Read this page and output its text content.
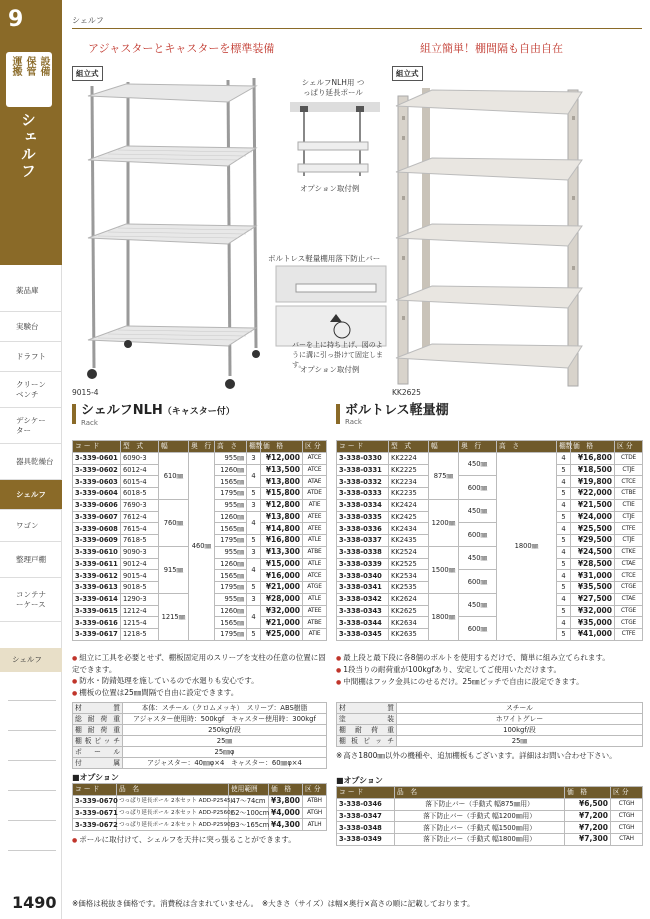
9
運搬
保管
設備
シェルフ
薬品庫
実験台
ドラフト
クリーンベンチ
デシケーター
器具乾燥台
シェルフ
ワゴン
整理戸棚
コンテナーケース
シェルフ
1490
シェルフ
アジャスターとキャスターを標準装備	組立簡単！棚間隔も自由自在
組立式	組立式
9015-4
シェルフNLH用 つっぱり延長ポール
オプション取付例
ボルトレス軽量棚用落下防止バー
バーを上に持ち上げ、図のように溝に引っ掛けて固定します。
オプション取付例
KK2625
シェルフNLH（キャスター付）
Rack
コ ー ド	型　式	幅	奥　行	高　さ	棚数	価　格	区 分
3-339-0601	6090-3	610㎜	460㎜	955㎜	3	¥12,000	ATCE
3-339-0602	6012-4			1260㎜	4	¥13,500	ATCE
3-339-0603	6015-4			1565㎜		¥13,800	ATAE
3-339-0604	6018-5			1795㎜	5	¥15,800	ATDE
3-339-0606	7690-3	760㎜		955㎜	3	¥12,800	ATIE
3-339-0607	7612-4			1260㎜	4	¥13,800	ATEE
3-339-0608	7615-4			1565㎜		¥14,800	ATEE
3-339-0609	7618-5			1795㎜	5	¥16,800	ATLE
3-339-0610	9090-3	915㎜		955㎜	3	¥13,300	ATBE
3-339-0611	9012-4			1260㎜	4	¥15,000	ATLE
3-339-0612	9015-4			1565㎜		¥16,000	ATCE
3-339-0613	9018-5			1795㎜	5	¥21,000	ATGE
3-339-0614	1290-3	1215㎜		955㎜	3	¥28,000	ATLE
3-339-0615	1212-4			1260㎜	4	¥32,000	ATEE
3-339-0616	1215-4			1565㎜		¥21,000	ATBE
3-339-0617	1218-5			1795㎜	5	¥25,000	ATIE
● 組立に工具を必要とせず、棚板固定用のスリーブを支柱の任意の位置に固定できます。
● 防水・防錆処理を施しているので水廻りも安心です。
● 棚板の位置は25㎜間隔で自由に設定できます。
材　質	本体：スチール（クロムメッキ）　スリーブ：ABS樹脂
総耐荷重	アジャスター使用時：500kgf　キャスター使用時：300kgf
棚耐荷重	250kgf/段
棚板ピッチ	25㎜
ポール	25㎜φ
付　属	アジャスター：40㎜φ×4　キャスター：60㎜φ×4
■オプション
コ ー ド	品　名	使用範囲	価　格	区 分
3-339-0670	つっぱり延長ポール 2本セット ADD-P2545J	47〜74cm	¥3,800	ATBH
3-339-0671	つっぱり延長ポール 2本セット ADD-P2560J	62〜100cm	¥4,000	ATGH
3-339-0672	つっぱり延長ポール 2本セット ADD-P2590J	93〜165cm	¥4,300	ATLH
● ポールに取付けて、シェルフを天井に突っ張ることができます。
ボルトレス軽量棚
Rack
コ ー ド	型　式	幅	奥　行	高　さ	棚数	価　格	区 分
3-338-0330	KK2224	875㎜	450㎜	1800㎜	4	¥16,800	CTDE
3-338-0331	KK2225				5	¥18,500	CTJE
3-338-0332	KK2234		600㎜		4	¥19,800	CTCE
3-338-0333	KK2235				5	¥22,000	CTBE
3-338-0334	KK2424	1200㎜	450㎜		4	¥21,500	CTIE
3-338-0335	KK2425				5	¥24,000	CTJE
3-338-0336	KK2434		600㎜		4	¥25,500	CTFE
3-338-0337	KK2435				5	¥29,500	CTJE
3-338-0338	KK2524	1500㎜	450㎜		4	¥24,500	CTKE
3-338-0339	KK2525				5	¥28,500	CTAE
3-338-0340	KK2534		600㎜		4	¥31,000	CTCE
3-338-0341	KK2535				5	¥35,500	CTGE
3-338-0342	KK2624	1800㎜	450㎜		4	¥27,500	CTAE
3-338-0343	KK2625				5	¥32,000	CTGE
3-338-0344	KK2634		600㎜		4	¥35,000	CTGE
3-338-0345	KK2635				5	¥41,000	CTFE
● 最上段と最下段に各8個のボルトを使用するだけで、簡単に組み立てられます。
● 1段当りの耐荷重が100kgfあり、安定してご使用いただけます。
● 中間棚はフック金具にのせるだけ。25㎜ピッチで自由に設定できます。
材　質	スチール
塗　装	ホワイトグレー
棚耐荷重	100kgf/段
棚板ピッチ	25㎜
※ 高さ1800㎜以外の機種や、追加棚板もございます。詳細はお問い合わせ下さい。
■オプション
コ ー ド	品　名	価　格	区 分
3-338-0346	落下防止バー（手動式 幅875㎜用）	¥6,500	CTGH
3-338-0347	落下防止バー（手動式 幅1200㎜用）	¥7,200	CTGH
3-338-0348	落下防止バー（手動式 幅1500㎜用）	¥7,200	CTGH
3-338-0349	落下防止バー（手動式 幅1800㎜用）	¥7,300	CTAH
※価格は税抜き価格です。消費税は含まれていません。　※大きさ（サイズ）は幅×奥行×高さの順に記載しております。
